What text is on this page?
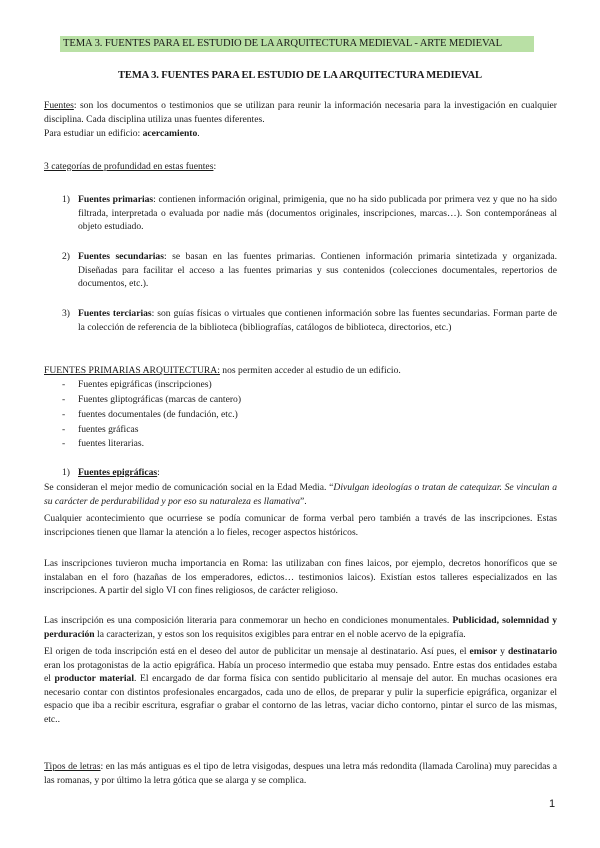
TEMA 3. FUENTES PARA EL ESTUDIO DE LA ARQUITECTURA MEDIEVAL - ARTE MEDIEVAL
TEMA 3. FUENTES PARA EL ESTUDIO DE LA ARQUITECTURA MEDIEVAL

Fuentes: son los documentos o testimonios que se utilizan para reunir la información necesaria para la investigación en cualquier disciplina. Cada disciplina utiliza unas fuentes diferentes.

Para estudiar un edificio: acercamiento.

3 categorías de profundidad en estas fuentes:

1) Fuentes primarias: contienen información original, primigenia, que no ha sido publicada por primera vez y que no ha sido filtrada, interpretada o evaluada por nadie más (documentos originales, inscripciones, marcas…). Son contemporáneas al objeto estudiado.

2) Fuentes secundarias: se basan en las fuentes primarias. Contienen información primaria sintetizada y organizada. Diseñadas para facilitar el acceso a las fuentes primarias y sus contenidos (colecciones documentales, repertorios de documentos, etc.).

3) Fuentes terciarias: son guías físicas o virtuales que contienen información sobre las fuentes secundarias. Forman parte de la colección de referencia de la biblioteca (bibliografías, catálogos de biblioteca, directorios, etc.)

FUENTES PRIMARIAS ARQUITECTURA: nos permiten acceder al estudio de un edificio.

- Fuentes epigráficas (inscripciones)
- Fuentes gliptográficas (marcas de cantero)
- fuentes documentales (de fundación, etc.)
- fuentes gráficas
- fuentes literarias.
1) Fuentes epigráficas:

Se consideran el mejor medio de comunicación social en la Edad Media. “Divulgan ideologías o tratan de catequizar. Se vinculan a su carácter de perdurabilidad y por eso su naturaleza es llamativa”.

Cualquier acontecimiento que ocurriese se podía comunicar de forma verbal pero también a través de las inscripciones. Estas inscripciones tienen que llamar la atención a lo fieles, recoger aspectos históricos.

Las inscripciones tuvieron mucha importancia en Roma: las utilizaban con fines laicos, por ejemplo, decretos honoríficos que se instalaban en el foro (hazañas de los emperadores, edictos… testimonios laicos). Existían estos talleres especializados en las inscripciones. A partir del siglo VI con fines religiosos, de carácter religioso.

Las inscripción es una composición literaria para conmemorar un hecho en condiciones monumentales. Publicidad, solemnidad y perduración la caracterizan, y estos son los requisitos exigibles para entrar en el noble acervo de la epigrafía.

El origen de toda inscripción está en el deseo del autor de publicitar un mensaje al destinatario. Así pues, el emisor y destinatario eran los protagonistas de la actio epigráfica. Había un proceso intermedio que estaba muy pensado. Entre estas dos entidades estaba el productor material. El encargado de dar forma física con sentido publicitario al mensaje del autor. En muchas ocasiones era necesario contar con distintos profesionales encargados, cada uno de ellos, de preparar y pulir la superficie epigráfica, organizar el espacio que iba a recibir escritura, esgrafiar o grabar el contorno de las letras, vaciar dicho contorno, pintar el surco de las mismas, etc..

Tipos de letras: en las más antiguas es el tipo de letra visigodas, despues una letra más redondita (llamada Carolina) muy parecidas a las romanas, y por último la letra gótica que se alarga y se complica.

1
